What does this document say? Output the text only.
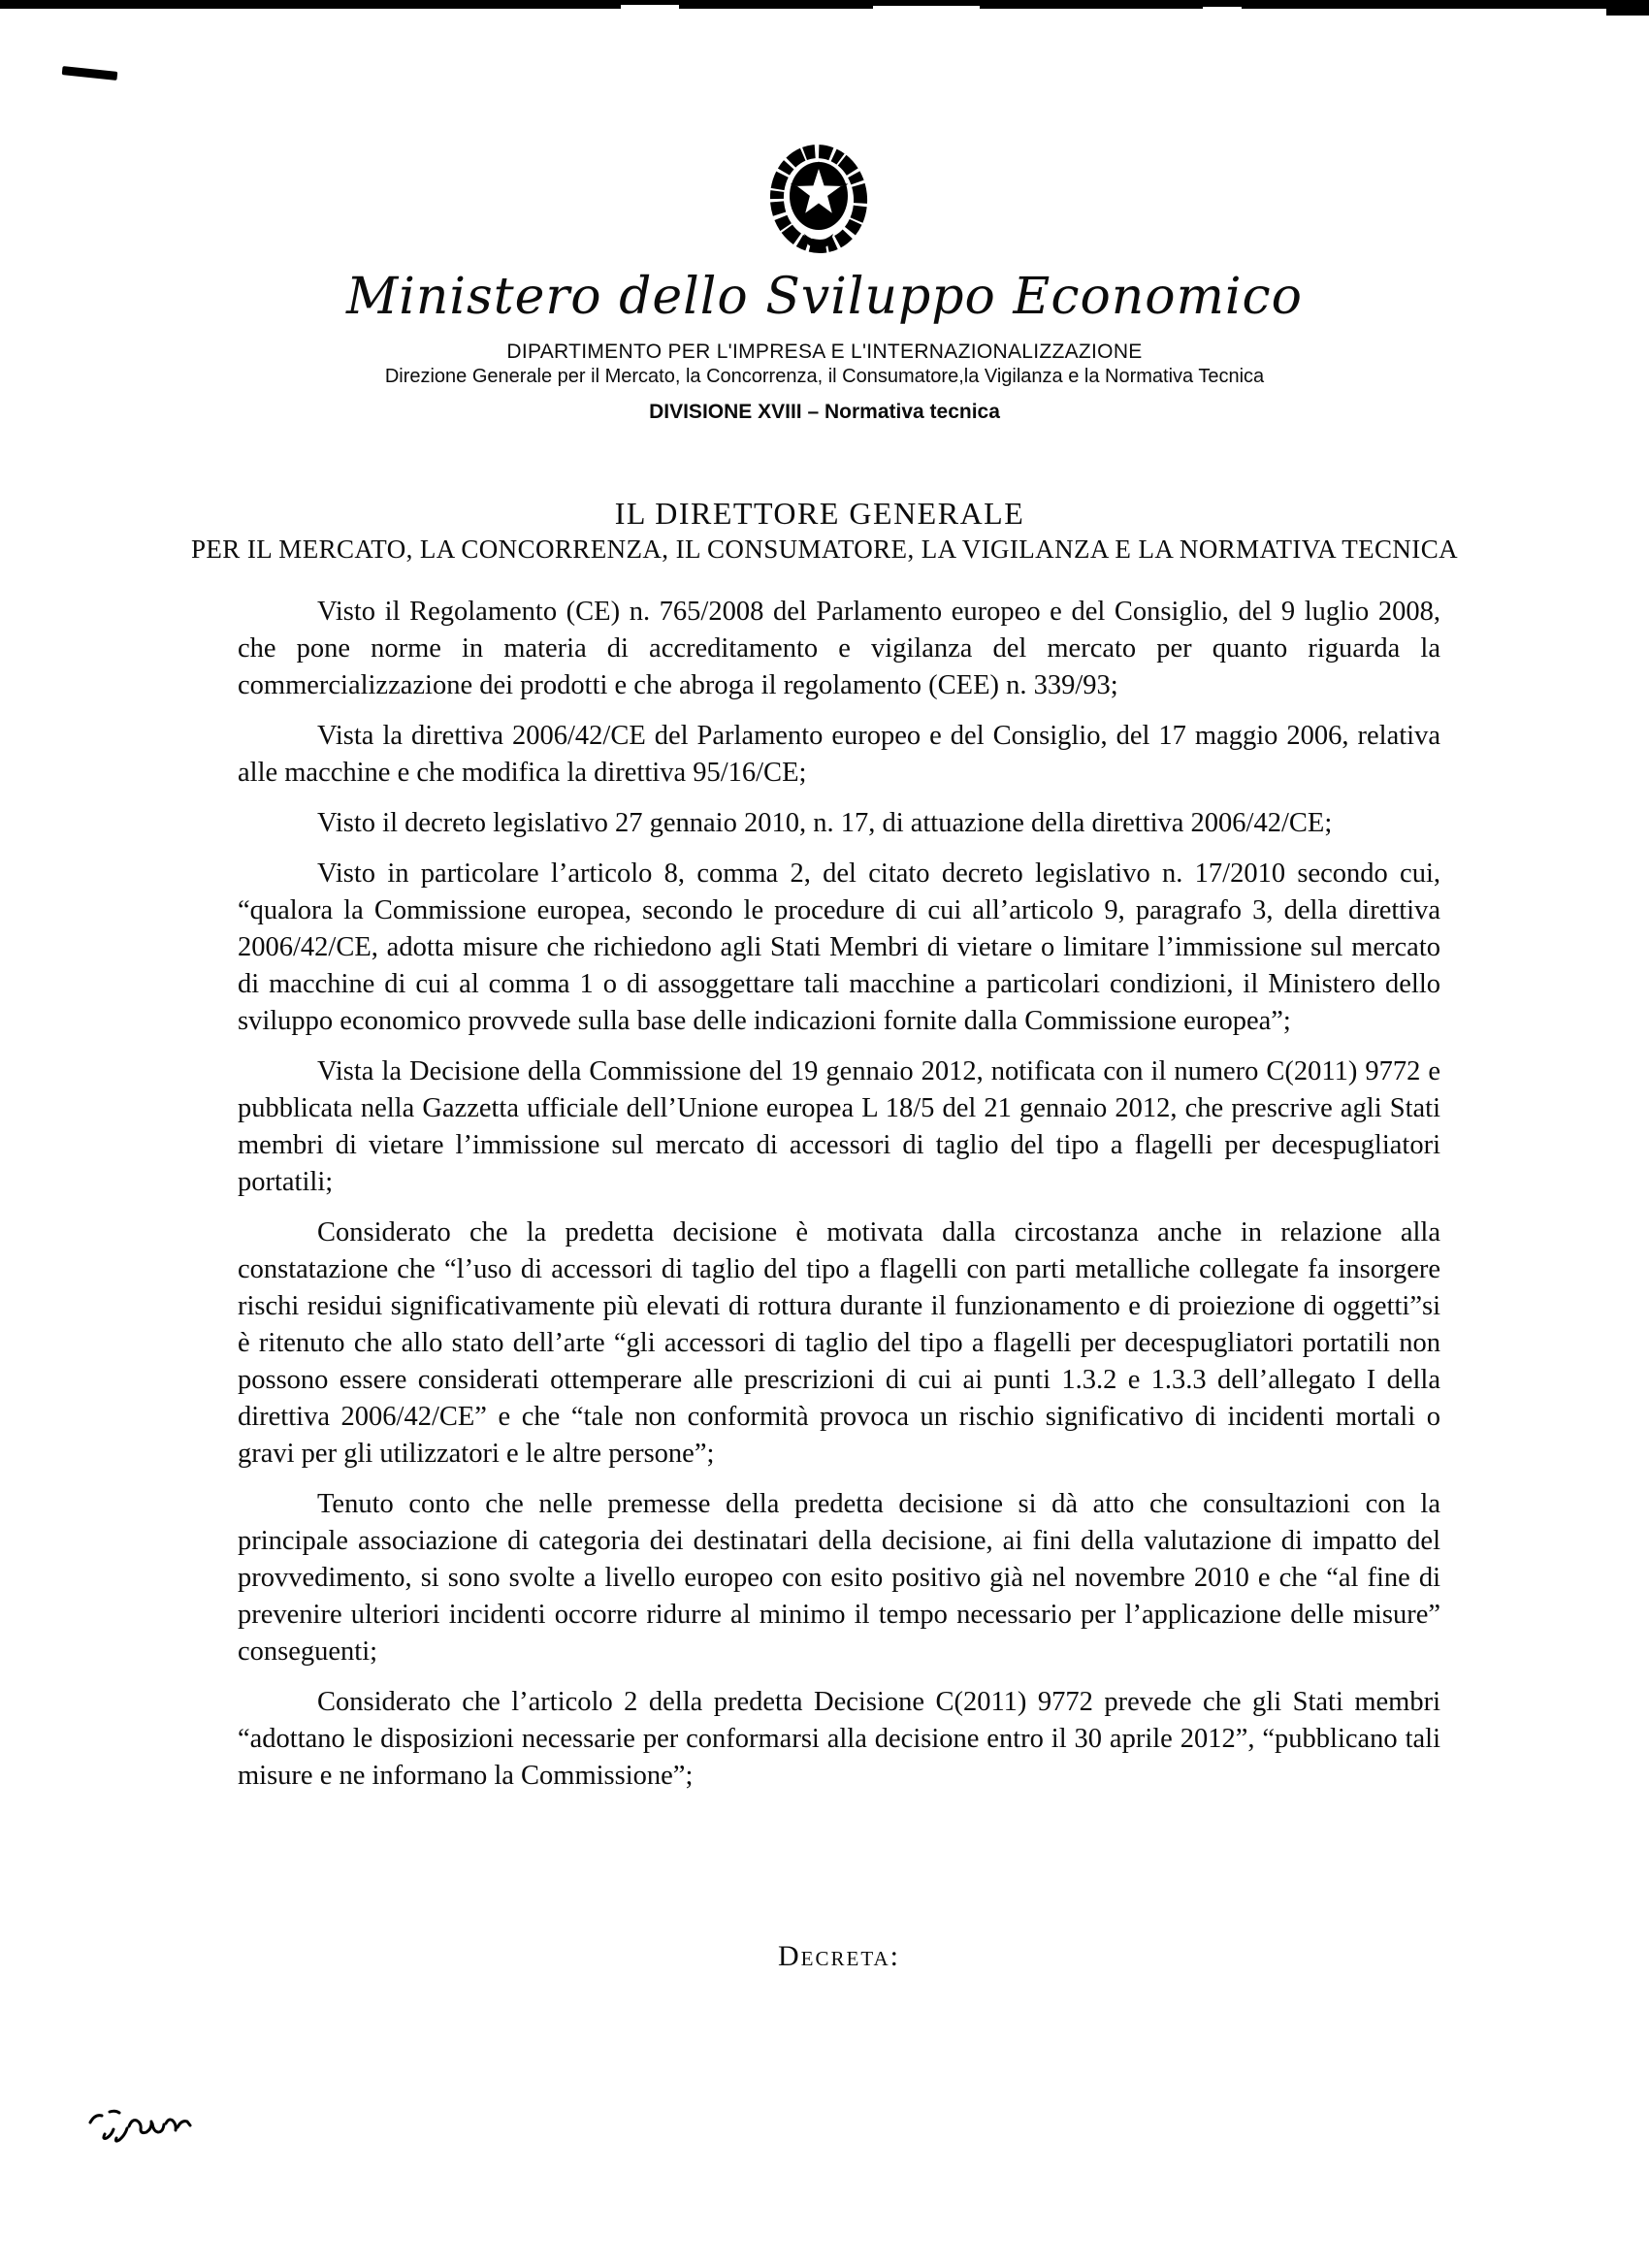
Ministero dello Sviluppo Economico
DIPARTIMENTO PER L'IMPRESA E L'INTERNAZIONALIZZAZIONE
Direzione Generale per il Mercato, la Concorrenza, il Consumatore,la Vigilanza e la Normativa Tecnica
DIVISIONE XVIII – Normativa tecnica
IL DIRETTORE GENERALE
PER IL MERCATO, LA CONCORRENZA, IL CONSUMATORE, LA VIGILANZA E LA NORMATIVA TECNICA

Visto il Regolamento (CE) n. 765/2008 del Parlamento europeo e del Consiglio, del 9 luglio 2008, che pone norme in materia di accreditamento e vigilanza del mercato per quanto riguarda la commercializzazione dei prodotti e che abroga il regolamento (CEE) n. 339/93;

Vista la direttiva 2006/42/CE del Parlamento europeo e del Consiglio, del 17 maggio 2006, relativa alle macchine e che modifica la direttiva 95/16/CE;

Visto il decreto legislativo 27 gennaio 2010, n. 17, di attuazione della direttiva 2006/42/CE;

Visto in particolare l’articolo 8, comma 2, del citato decreto legislativo n. 17/2010 secondo cui, “qualora la Commissione europea, secondo le procedure di cui all’articolo 9, paragrafo 3, della direttiva 2006/42/CE, adotta misure che richiedono agli Stati Membri di vietare o limitare l’immissione sul mercato di macchine di cui al comma 1 o di assoggettare tali macchine a particolari condizioni, il Ministero dello sviluppo economico provvede sulla base delle indicazioni fornite dalla Commissione europea”;

Vista la Decisione della Commissione del 19 gennaio 2012, notificata con il numero C(2011) 9772 e pubblicata nella Gazzetta ufficiale dell’Unione europea L 18/5 del 21 gennaio 2012, che prescrive agli Stati membri di vietare l’immissione sul mercato di accessori di taglio del tipo a flagelli per decespugliatori portatili;

Considerato che la predetta decisione è motivata dalla circostanza anche in relazione alla constatazione che “l’uso di accessori di taglio del tipo a flagelli con parti metalliche collegate fa insorgere rischi residui significativamente più elevati di rottura durante il funzionamento e di proiezione di oggetti”si è ritenuto che allo stato dell’arte “gli accessori di taglio del tipo a flagelli per decespugliatori portatili non possono essere considerati ottemperare alle prescrizioni di cui ai punti 1.3.2 e 1.3.3 dell’allegato I della direttiva 2006/42/CE” e che “tale non conformità provoca un rischio significativo di incidenti mortali o gravi per gli utilizzatori e le altre persone”;

Tenuto conto che nelle premesse della predetta decisione si dà atto che consultazioni con la principale associazione di categoria dei destinatari della decisione, ai fini della valutazione di impatto del provvedimento, si sono svolte a livello europeo con esito positivo già nel novembre 2010 e che “al fine di prevenire ulteriori incidenti occorre ridurre al minimo il tempo necessario per l’applicazione delle misure” conseguenti;

Considerato che l’articolo 2 della predetta Decisione C(2011) 9772 prevede che gli Stati membri “adottano le disposizioni necessarie per conformarsi alla decisione entro il 30 aprile 2012”, “pubblicano tali misure e ne informano la Commissione”;

Decreta:
